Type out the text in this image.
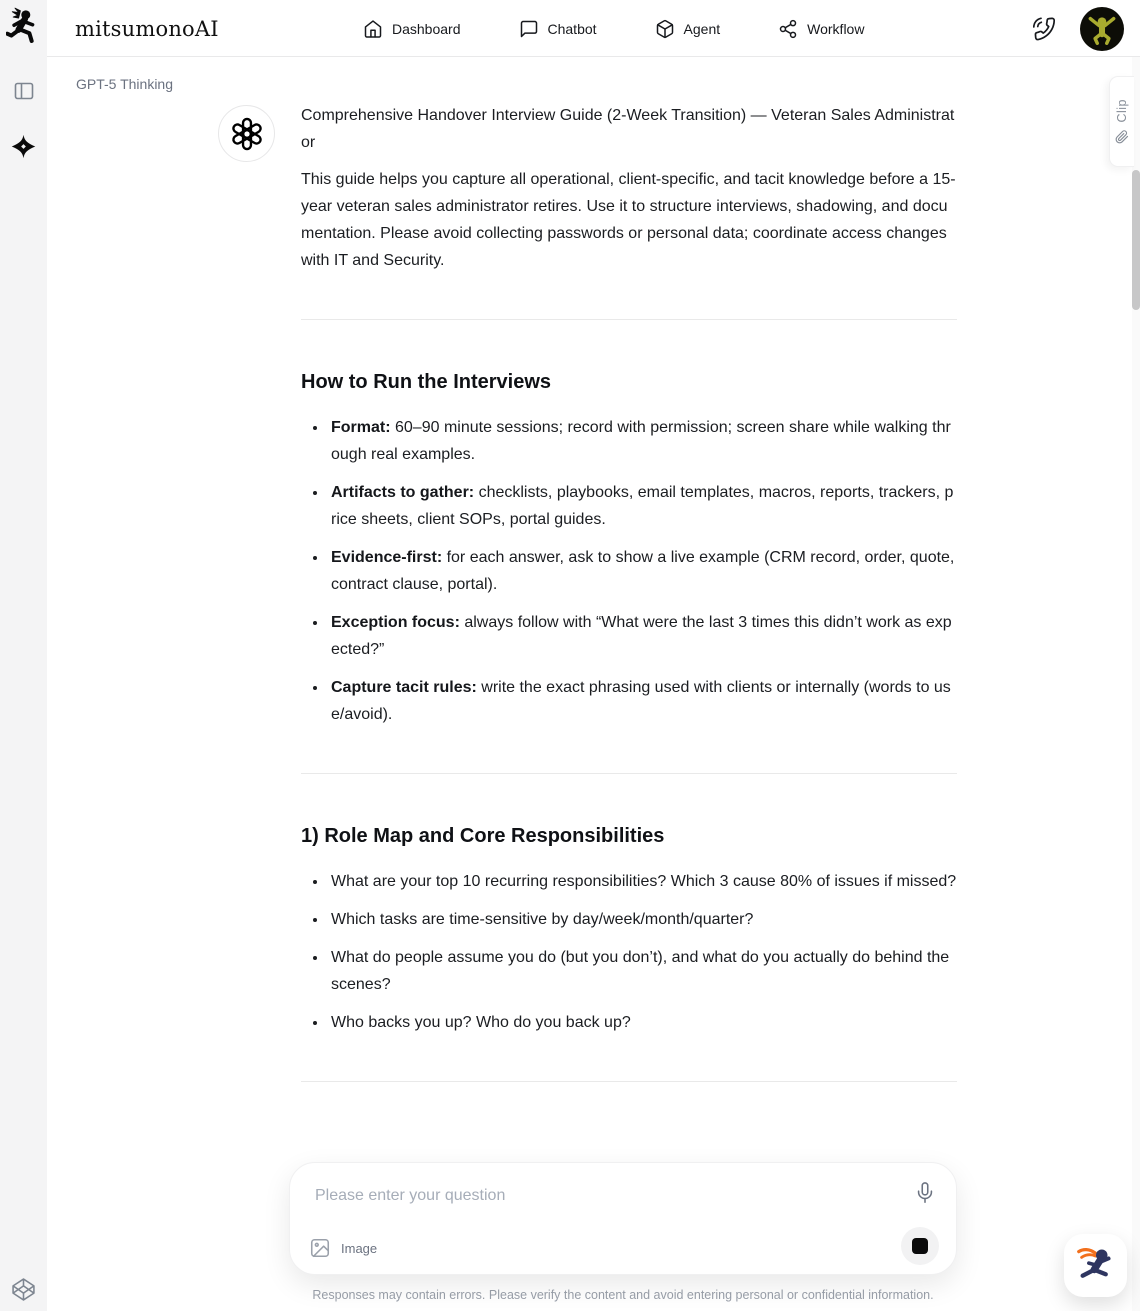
mitsumonoAI	Dashboard	Chatbot	Agent	Workflow
GPT-5 Thinking

Comprehensive Handover Interview Guide (2-Week Transition) — Veteran Sales Administrator

This guide helps you capture all operational, client-specific, and tacit knowledge before a 15-year veteran sales administrator retires. Use it to structure interviews, shadowing, and documentation. Please avoid collecting passwords or personal data; coordinate access changes with IT and Security.

How to Run the Interviews
• Format: 60–90 minute sessions; record with permission; screen share while walking through real examples.
• Artifacts to gather: checklists, playbooks, email templates, macros, reports, trackers, price sheets, client SOPs, portal guides.
• Evidence-first: for each answer, ask to show a live example (CRM record, order, quote, contract clause, portal).
• Exception focus: always follow with “What were the last 3 times this didn’t work as expected?”
• Capture tacit rules: write the exact phrasing used with clients or internally (words to use/avoid).
1) Role Map and Core Responsibilities
• What are your top 10 recurring responsibilities? Which 3 cause 80% of issues if missed?
• Which tasks are time-sensitive by day/week/month/quarter?
• What do people assume you do (but you don’t), and what do you actually do behind the scenes?
• Who backs you up? Who do you back up?
Please enter your question
Image
Responses may contain errors. Please verify the content and avoid entering personal or confidential information.
Clip
